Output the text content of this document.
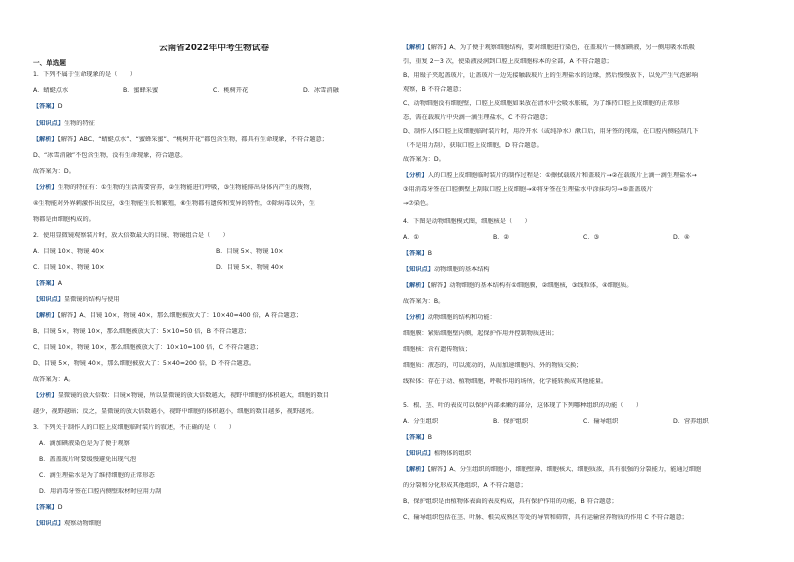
云南省2022年中考生物试卷
一、单选题
1．下列不属于生命现象的是（　　）
A．蜻蜓点水	B．蜜蜂采蜜	C．桃树开花	D．冰雪消融
【答案】D
【知识点】生物的特征
【解析】【解答】ABC、“蜻蜓点水”、“蜜蜂采蜜”、“桃树开花”都包含生物，都具有生命现象，不符合题意；
D、“冰雪消融”不包含生物，没有生命现象，符合题意。
故答案为：D。
【分析】生物的特征有：①生物的生活需要营养，②生物能进行呼吸，③生物能排出身体内产生的废物，
④生物能对外界刺激作出反应，⑤生物能生长和繁殖，⑥生物都有遗传和变异的特性，⑦除病毒以外，生
物都是由细胞构成的。
2．使用显微镜观察装片时，放大倍数最大的目镜、物镜组合是（　　）
A．目镜 10×、物镜 40×	B．目镜 5×、物镜 10×
C．目镜 10×、物镜 10×	D．目镜 5×、物镜 40×
【答案】A
【知识点】显微镜的结构与使用
【解析】【解答】A、目镜 10×，物镜 40×，那么细胞被放大了：10×40=400 倍，A 符合题意；
B、目镜 5×，物镜 10×，那么细胞被放大了：5×10=50 倍，B 不符合题意；
C、目镜 10×，物镜 10×，那么细胞被放大了：10×10=100 倍，C 不符合题意；
D、目镜 5×，物镜 40×，那么细胞被放大了：5×40=200 倍，D 不符合题意。
故答案为：A。
【分析】显微镜的放大倍数：目镜×物镜，所以显微镜的放大倍数越大，视野中细胞的体积越大，细胞的数目
越少，视野越暗；反之，显微镜的放大倍数越小，视野中细胞的体积越小，细胞的数目越多，视野越亮。
3．下列关于制作人的口腔上皮细胞临时装片的叙述，不正确的是（　　）
A．滴加碘液染色是为了便于观察
B．盖盖玻片时要缓慢避免出现气泡
C．滴生理盐水是为了维持细胞的正常形态
D．用消毒牙签在口腔内侧壁取材时应用力刮
【答案】D
【知识点】观察动物细胞
【解析】【解答】A、为了便于观察细胞结构，要对细胞进行染色，在盖玻片一侧加碘液，另一侧用吸水纸吸
引，重复 2～3 次，使染液浸润到口腔上皮细胞标本的全部，A 不符合题意；
B、用镊子夹起盖玻片，让盖玻片一边先接触载玻片上的生理盐水的边缘，然后慢慢放下，以免产生气泡影响
观察，B 不符合题意；
C、动物细胞没有细胞壁，口腔上皮细胞如果放在清水中会吸水胀破，为了维持口腔上皮细胞的正常形
态，需在载玻片中央滴一滴生理盐水，C 不符合题意；
D、制作人体口腔上皮细胞临时装片时，用冷开水（或纯净水）漱口后，用牙签的钝端，在口腔内侧轻刮几下
（不是用力刮），获取口腔上皮细胞，D 符合题意。
故答案为：D。
【分析】人的口腔上皮细胞临时装片的制作过程是：①擦拭载玻片和盖玻片→②在载玻片上滴一滴生理盐水→
③用消毒牙签在口腔侧壁上刮取口腔上皮细胞→④将牙签在生理盐水中涂抹均匀→⑤盖盖玻片
→⑦染色。
4．下图是动物细胞模式图，细胞核是（　　）
A．①	B．②	C．③	D．④
【答案】B
【知识点】动物细胞的基本结构
【解析】【解答】动物细胞的基本结构有①细胞膜，②细胞核，③线粒体，④细胞质。
故答案为：B。
【分析】动物细胞的结构和功能：
细胞膜：紧贴细胞壁内侧，起保护作用并控制物质进出；
细胞核：含有遗传物质；
细胞质：液态的，可以流动的，从而加速细胞内、外的物质交换；
线粒体：存在于动、植物细胞，呼吸作用的场所，化学能转换成其他能量。
5．根、茎、叶的表皮可以保护内部柔嫩的部分，这体现了下列哪种组织的功能（　　）
A．分生组织	B．保护组织	C．输导组织	D．营养组织
【答案】B
【知识点】植物体的组织
【解析】【解答】A、分生组织的细胞小，细胞壁薄、细胞核大、细胞质浓，具有很强的分裂能力，能通过细胞
的分裂和分化形成其他组织，A 不符合题意；
B、保护组织是由植物体表面的表皮构成，具有保护作用的功能，B 符合题意；
C、输导组织包括在茎、叶脉、根尖成熟区等处的导管和筛管，具有运输营养物质的作用 C 不符合题意；
